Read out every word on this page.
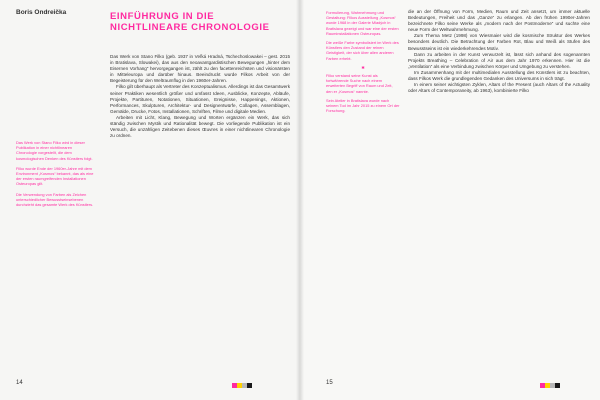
Boris Ondreička	EINFÜHRUNG IN DIE NICHTLINEARE CHRONOLOGIE

Das Werk von Stano Filko (geb. 1937 in Veľká Hradná, Tschechoslowakei – gest. 2015 in Bratislava, Slowakei), das aus den neoavantgardistischen Bewegungen „hinter dem Eisernen Vorhang“ hervorgegangen ist, zählt zu den facettenreichsten und visionärsten in Mitteleuropa und darüber hinaus. Beeindruckt wurde Filkos Arbeit von der Begeisterung für den Weltraumflug in den 1960er-Jahren.

Filko gilt überhaupt als Vertreter des Konzeptualismus. Allerdings ist das Gesamtwerk seiner Praktiken wesentlich größer und umfasst Ideen, Ausblicke, Konzepte, Abläufe, Projekte, Partituren, Notationen, Situationen, Ereignisse, Happenings, Aktionen, Performances, Skulpturen, Architektur- und Designentwürfe, Collagen, Assemblagen, Gemälde, Drucke, Fotos, Installationen, Schriften, Filme und digitale Medien.

Arbeiten mit Licht, Klang, Bewegung und Worten ergänzen ein Werk, das sich ständig zwischen Mystik und Rationalität bewegt. Die vorliegende Publikation ist ein Versuch, die unzähligen Zeitebenen dieses Œuvres in einer nichtlinearen Chronologie zu ordnen.

Das Werk von Stano Filko wird in dieser Publikation in einer nichtlinearen Chronologie vorgestellt, die dem kosmologischen Denken des Künstlers folgt.

Filko wurde Ende der 1960er-Jahre mit dem Environment „Kosmos“ bekannt, das als eine der ersten raumgreifenden Installationen Osteuropas gilt.

Die Verwendung von Farben als Zeichen unterschiedlicher Bewusstseinsebenen durchzieht das gesamte Werk des Künstlers.

14

Formulierung, Wahrnehmung und Gestaltung: Filkos Ausstellung „Kosmos“ wurde 1968 in der Galerie Mladých in Bratislava gezeigt und war eine der ersten Rauminstallationen Osteuropas.

Die weiße Farbe symbolisiert im Werk des Künstlers den Zustand der reinen Geistigkeit, der sich über allen anderen Farben erhebt.

✱

Filko verstand seine Kunst als fortwährende Suche nach einem erweiterten Begriff von Raum und Zeit, den er „Kosmos“ nannte.

Sein Atelier in Bratislava wurde nach seinem Tod im Jahr 2015 zu einem Ort der Forschung.

die an der Öffnung von Form, Medien, Raum und Zeit ansetzt, um immer aktuelle Bedeutungen, Freiheit und das „Ganze“ zu erlangen. Ab den frühen 1990er-Jahren bezeichnete Filko seine Werke als „modern nach der Postmoderne“ und suchte eine neue Form der Weltwahrnehmung.

Zum Thema Metz (1998) von Wiesmaier wird die kosmische Struktur des Werkes besonders deutlich. Die Betrachtung der Farben Rot, Blau und Weiß als Stufen des Bewusstseins ist ein wiederkehrendes Motiv.

Dann zu arbeiten in der Kunst verwurzelt ist, lässt sich anhand des sogenannten Projekts Breathing – Celebration of Air aus dem Jahr 1970 erkennen. Hier ist die „Ventilation“ als eine Verbindung zwischen Körper und Umgebung zu verstehen.

Im Zusammenhang mit der multimedialen Ausstellung des Künstlers ist zu beachten, dass Filkos Werk die grundlegenden Gedanken des Universums in sich trägt.

In einem seiner wichtigsten Zyklen, Altars of the Present (auch Altars of the Actuality oder Altars of Contemporaneity, ab 1963), kombinierte Filko

15
